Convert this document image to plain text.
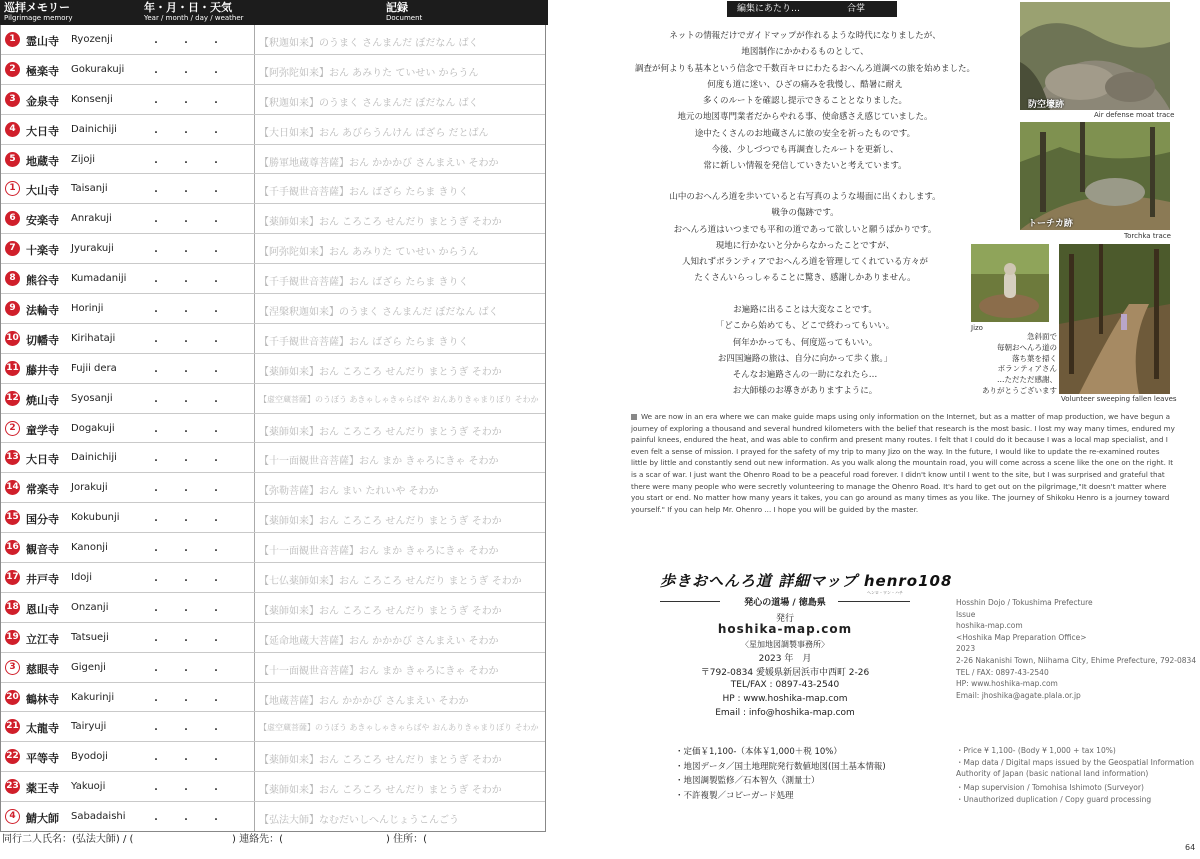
巡拝メモリー
Pilgrimage memory
年・月・日・天気
Year / month / day / weather
記録
Document
1 霊山寺 Ryozenji	・・・ 【釈迦如来】のうまく さんまんだ ぼだなん ばく
2 極楽寺 Gokurakuji	・・・ 【阿弥陀如来】おん あみりた ていせい からうん
3 金泉寺 Konsenji	・・・ 【釈迦如来】のうまく さんまんだ ぼだなん ばく
4 大日寺 Dainichiji	・・・ 【大日如来】おん あびらうんけん ばざら だとばん
5 地蔵寺 Zijoji	・・・ 【勝軍地蔵尊菩薩】おん かかかび さんまえい そわか
1 大山寺 Taisanji	・・・ 【千手観世音菩薩】おん ばざら たらま きりく
6 安楽寺 Anrakuji	・・・ 【薬師如来】おん ころころ せんだり まとうぎ そわか
7 十楽寺 Jyurakuji	・・・ 【阿弥陀如来】おん あみりた ていせい からうん
8 熊谷寺 Kumadaniji ・・・ 【千手観世音菩薩】おん ばざら たらま きりく
9 法輪寺 Horinji	・・・ 【涅槃釈迦如来】のうまく さんまんだ ぼだなん ばく
10 切幡寺 Kirihataji	・・・ 【千手観世音菩薩】おん ばざら たらま きりく
11 藤井寺 Fujii dera	・・・ 【薬師如来】おん ころころ せんだり まとうぎ そわか
12 焼山寺 Syosanji	・・・ 【虚空蔵菩薩】のうぼう あきゃしゃきゃらばや おんありきゃまりぼり そわか
2 童学寺 Dogakuji	・・・ 【薬師如来】おん ころころ せんだり まとうぎ そわか
13 大日寺 Dainichiji	・・・ 【十一面観世音菩薩】おん まか きゃろにきゃ そわか
14 常楽寺 Jorakuji	・・・ 【弥勒菩薩】おん まい たれいや そわか
15 国分寺 Kokubunji	・・・ 【薬師如来】おん ころころ せんだり まとうぎ そわか
16 観音寺 Kanonji	・・・ 【十一面観世音菩薩】おん まか きゃろにきゃ そわか
17 井戸寺 Idoji	・・・ 【七仏薬師如来】おん ころころ せんだり まとうぎ そわか
18 恩山寺 Onzanji	・・・ 【薬師如来】おん ころころ せんだり まとうぎ そわか
19 立江寺 Tatsueji	・・・ 【延命地蔵大菩薩】おん かかかび さんまえい そわか
3 慈眼寺 Gigenji	・・・ 【十一面観世音菩薩】おん まか きゃろにきゃ そわか
20 鶴林寺 Kakurinji	・・・ 【地蔵菩薩】おん かかかび さんまえい そわか
21 太龍寺 Tairyuji	・・・ 【虚空蔵菩薩】のうぼう あきゃしゃきゃらばや おんありきゃまりぼり そわか
22 平等寺 Byodoji	・・・ 【薬師如来】おん ころころ せんだり まとうぎ そわか
23 薬王寺 Yakuoji	・・・ 【薬師如来】おん ころころ せんだり まとうぎ そわか
4 鯖大師 Sabadaishi	・・・ 【弘法大師】なむだいしへんじょうこんごう
同行二人氏名：(弘法大師) / (	) 連絡先：(	) 住所：(
編集にあたり…	合掌
ネットの情報だけでガイドマップが作れるような時代になりましたが、
地図制作にかかわるものとして、
調査が何よりも基本という信念で千数百キロにわたるおへんろ道調べの旅を始めました。
何度も道に迷い、ひざの痛みを我慢し、酷暑に耐え
多くのルートを確認し提示できることとなりました。
地元の地図専門業者だからやれる事、使命感さえ感じていました。
途中たくさんのお地蔵さんに旅の安全を祈ったものです。
今後、少しづつでも再調査したルートを更新し、
常に新しい情報を発信していきたいと考えています。
山中のおへんろ道を歩いていると右写真のような場面に出くわします。
戦争の傷跡です。
おへんろ道はいつまでも平和の道であって欲しいと願うばかりです。
現地に行かないと分からなかったことですが、
人知れずボランティアでおへんろ道を管理してくれている方々が
たくさんいらっしゃることに驚き、感謝しかありません。
お遍路に出ることは大変なことです。
「どこから始めても、どこで終わってもいい。
何年かかっても、何度巡ってもいい。
お四国遍路の旅は、自分に向かって歩く旅。」
そんなお遍路さんの一助になれたら…
お大師様のお導きがありますように。
防空壕跡
Air defense moat trace
トーチカ跡
Torchka trace
Jizo
Volunteer sweeping fallen leaves
急斜面で
毎朝おへんろ道の
落ち葉を掃く
ボランティアさん
…ただただ感謝、
ありがとうございます
We are now in an era where we can make guide maps using only information on the Internet, but as a matter of map production, we have begun a journey of exploring a thousand and several hundred kilometers with the belief that research is the most basic. I lost my way many times, endured my painful knees, endured the heat, and was able to confirm and present many routes. I felt that I could do it because I was a local map specialist, and I even felt a sense of mission. I prayed for the safety of my trip to many Jizo on the way. In the future, I would like to update the re-examined routes little by little and constantly send out new information. As you walk along the mountain road, you will come across a scene like the one on the right. It is a scar of war. I just want the Ohenro Road to be a peaceful road forever. I didn't know until I went to the site, but I was surprised and grateful that there were many people who were secretly volunteering to manage the Ohenro Road. It's hard to get out on the pilgrimage,"It doesn't matter where you start or end. No matter how many years it takes, you can go around as many times as you like. The journey of Shikoku Henro is a journey toward yourself." If you can help Mr. Ohenro ... I hope you will be guided by the master.
歩きおへんろ道 詳細マップ henro108
ヘンロ・ワン・ハチ
発心の道場 / 徳島県
発行
hoshika-map.com
〈星加地図調製事務所〉
2023 年　月
〒792-0834 愛媛県新居浜市中西町 2-26
TEL/FAX : 0897-43-2540
HP : www.hoshika-map.com
Email : info@hoshika-map.com
Hosshin Dojo / Tokushima Prefecture
Issue
hoshika-map.com
<Hoshika Map Preparation Office>
2023
2-26 Nakanishi Town, Niihama City, Ehime Prefecture, 792-0834
TEL / FAX: 0897-43-2540
HP: www.hoshika-map.com
Email: jhoshika@agate.plala.or.jp
・定価￥1,100-（本体￥1,000＋税 10%）
・地図データ／国土地理院発行数値地図(国土基本情報)
・地図調製監修／石本智久（測量士）
・不許複製／コピーガード処理
・Price ¥ 1,100- (Body ¥ 1,000 + tax 10%)
・Map data / Digital maps issued by the Geospatial Information
Authority of Japan (basic national land information)
・Map supervision / Tomohisa Ishimoto (Surveyor)
・Unauthorized duplication / Copy guard processing
64
